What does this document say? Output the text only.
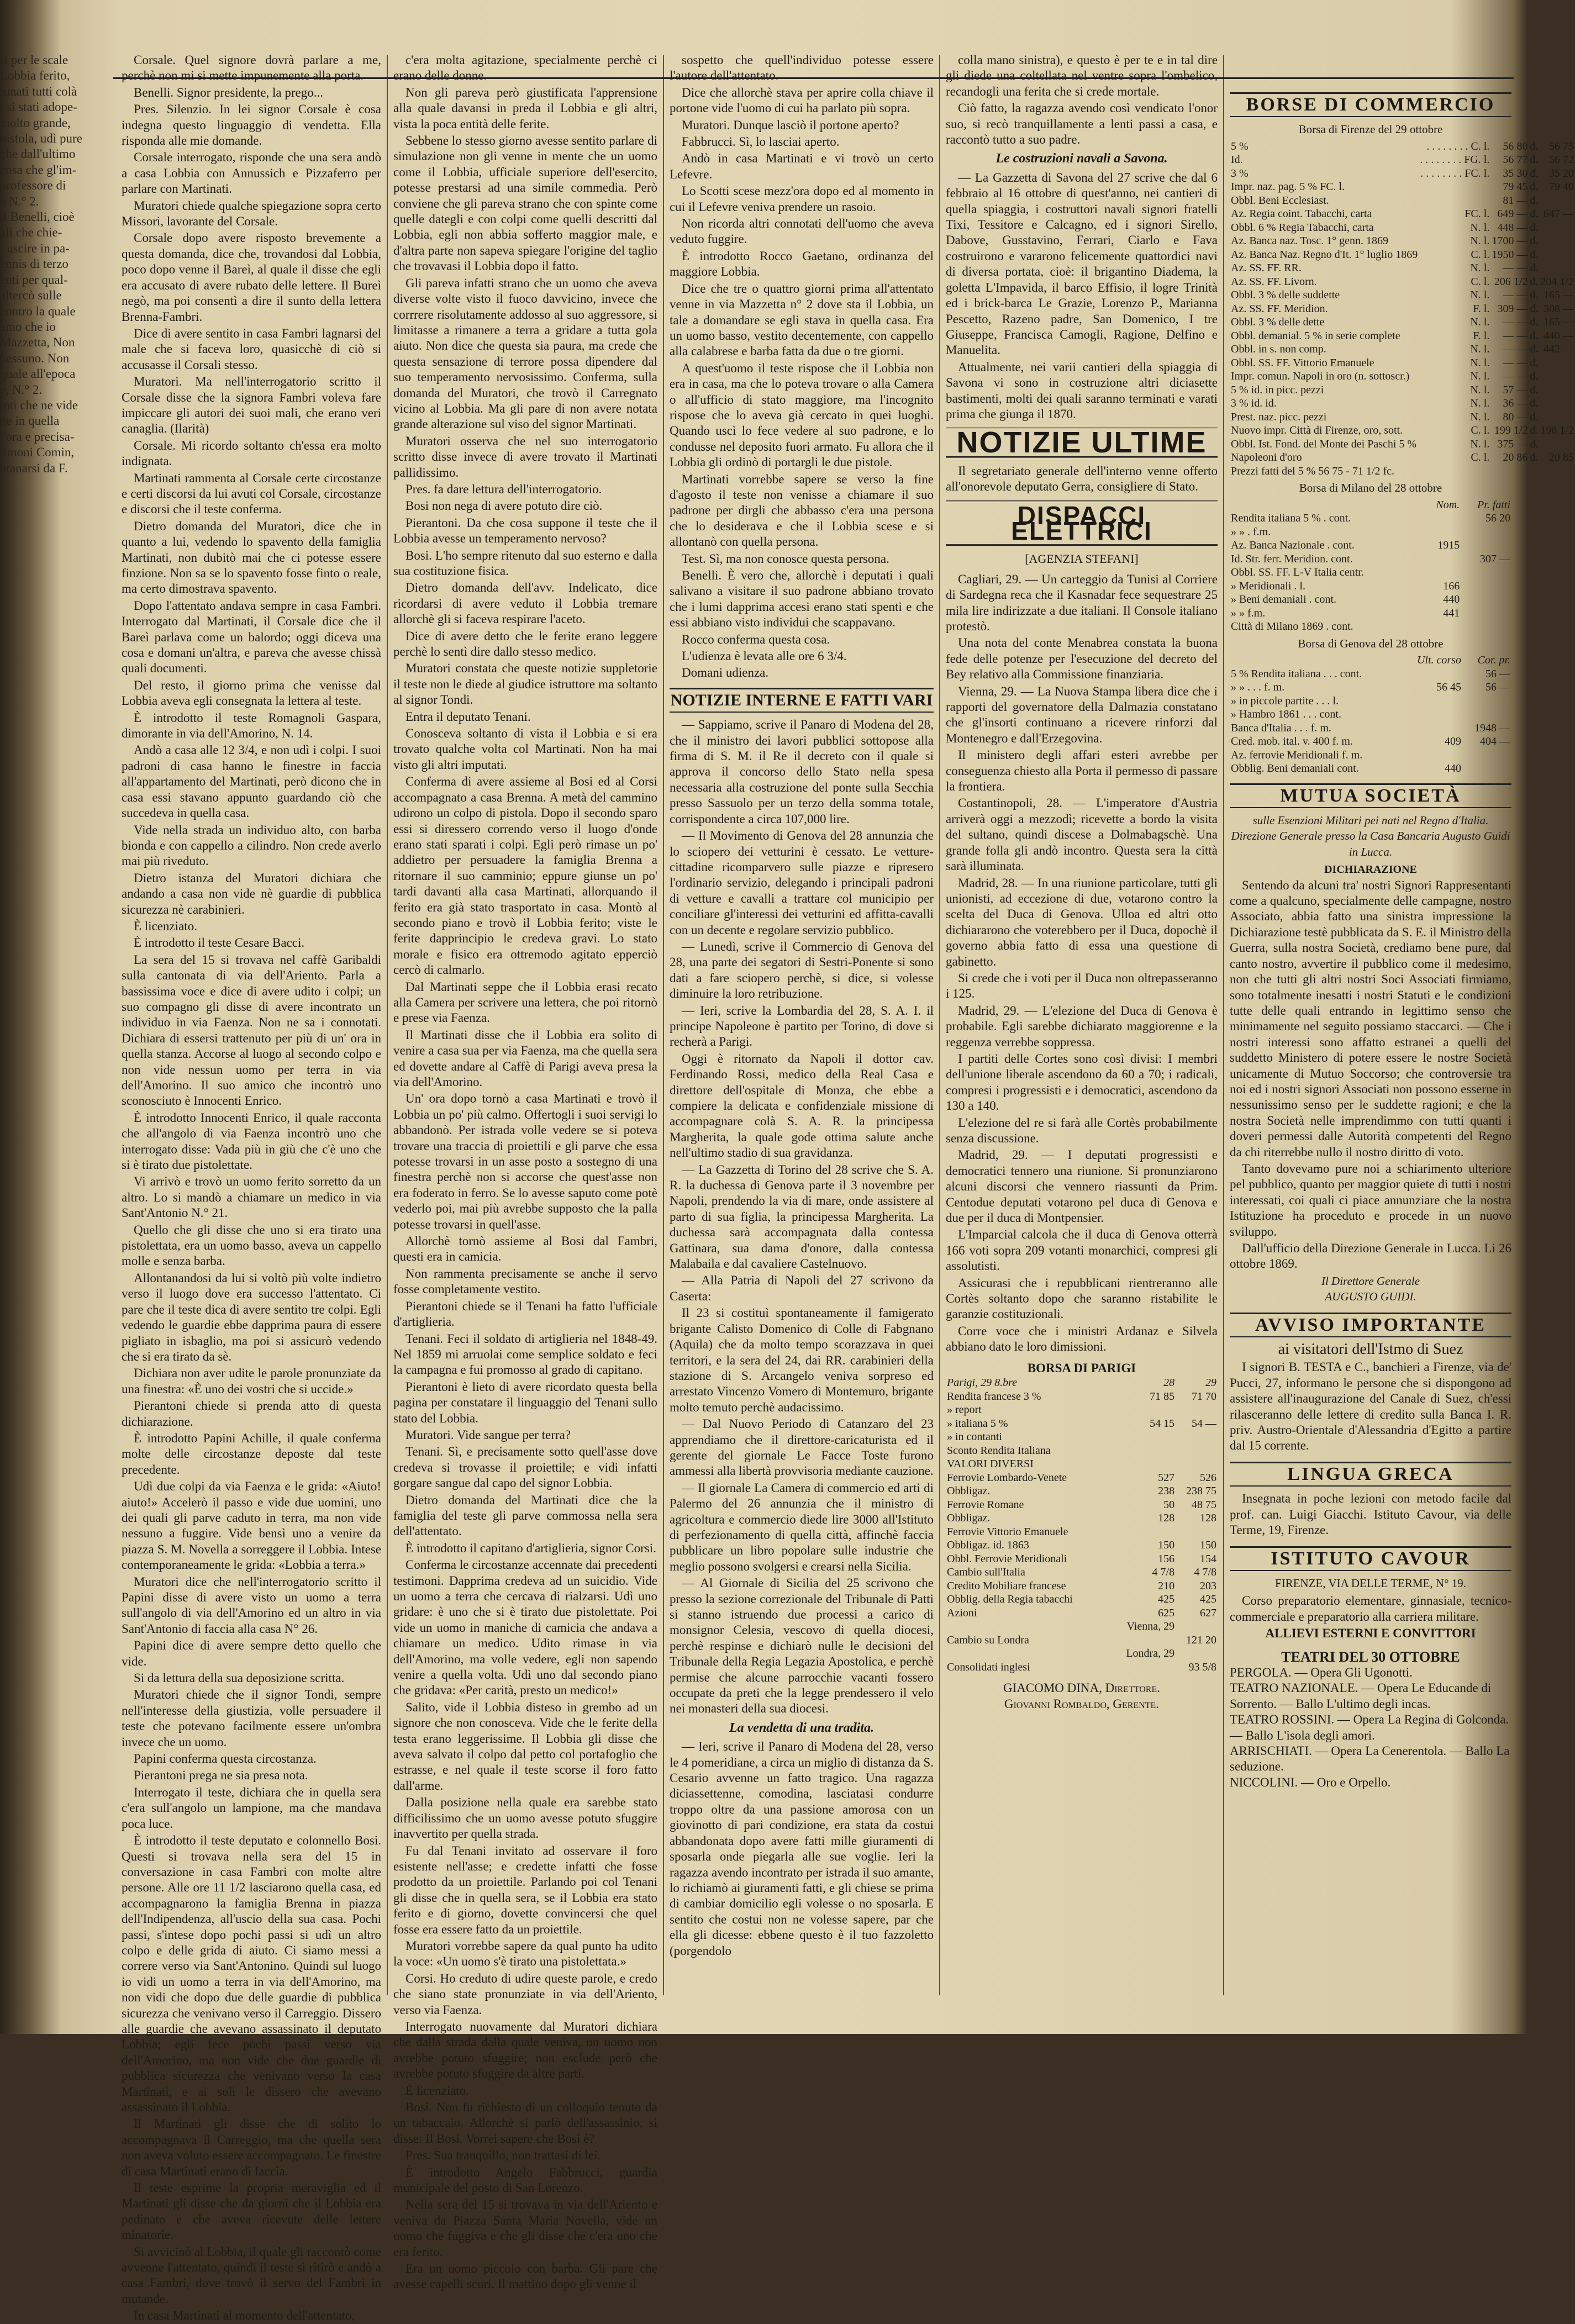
ri per le scale
Lobbia ferito,
tunati tutti colà
i si stati adope-
molto grande,
pistola, udì pure
che dall'ultimo
cosa che gl'im-
professore di
e N.° 2.
il Benelli, cioè
ali che chie-
i uscire in pa-
ennis di terzo
enti per qual-
altercò sulle
contro la quale
amo che io
Mazzetta, Non
nessuno. Non
quale all'epoca
e, N.° 2.
inti che ne vide
ne in quella
l'ora e precisa-
timoni Comin,
ntanarsi da F.

Corsale. Quel signore dovrà parlare a me, perchè non mi si mette impunemente alla porta.

Benelli. Signor presidente, la prego...

Pres. Silenzio. In lei signor Corsale è cosa indegna questo linguaggio di vendetta. Ella risponda alle mie domande.

Corsale interrogato, risponde che una sera andò a casa Lobbia con Annussich e Pizzaferro per parlare con Martinati.

Muratori chiede qualche spiegazione sopra certo Missori, lavorante del Corsale.

Corsale dopo avere risposto brevemente a questa domanda, dice che, trovandosi dal Lobbia, poco dopo venne il Bareì, al quale il disse che egli era accusato di avere rubato delle lettere. Il Bureì negò, ma poi consentì a dire il sunto della lettera Brenna-Fambri.

Dice di avere sentito in casa Fambri lagnarsi del male che si faceva loro, quasicchè di ciò si accusasse il Corsali stesso.

Muratori. Ma nell'interrogatorio scritto il Corsale disse che la signora Fambri voleva fare impiccare gli autori dei suoi mali, che erano veri canaglia. (Ilarità)

Corsale. Mi ricordo soltanto ch'essa era molto indignata.

Martinati rammenta al Corsale certe circostanze e certi discorsi da lui avuti col Corsale, circostanze e discorsi che il teste conferma.

Dietro domanda del Muratori, dice che in quanto a lui, vedendo lo spavento della famiglia Martinati, non dubitò mai che ci potesse essere finzione. Non sa se lo spavento fosse finto o reale, ma certo dimostrava spavento.

Dopo l'attentato andava sempre in casa Fambri. Interrogato dal Martinati, il Corsale dice che il Bareì parlava come un balordo; oggi diceva una cosa e domani un'altra, e pareva che avesse chissà quali documenti.

Del resto, il giorno prima che venisse dal Lobbia aveva egli consegnata la lettera al teste.

È introdotto il teste Romagnoli Gaspara, dimorante in via dell'Amorino, N. 14.

Andò a casa alle 12 3/4, e non udì i colpi. I suoi padroni di casa hanno le finestre in faccia all'appartamento del Martinati, però dicono che in casa essi stavano appunto guardando ciò che succedeva in quella casa.

Vide nella strada un individuo alto, con barba bionda e con cappello a cilindro. Non crede averlo mai più riveduto.

Dietro istanza del Muratori dichiara che andando a casa non vide nè guardie di pubblica sicurezza nè carabinieri.

È licenziato.

È introdotto il teste Cesare Bacci.

La sera del 15 si trovava nel caffè Garibaldi sulla cantonata di via dell'Ariento. Parla a bassissima voce e dice di avere udito i colpi; un suo compagno gli disse di avere incontrato un individuo in via Faenza. Non ne sa i connotati. Dichiara di essersi trattenuto per più di un' ora in quella stanza. Accorse al luogo al secondo colpo e non vide nessun uomo per terra in via dell'Amorino. Il suo amico che incontrò uno sconosciuto è Innocenti Enrico.

È introdotto Innocenti Enrico, il quale racconta che all'angolo di via Faenza incontrò uno che interrogato disse: Vada più in giù che c'è uno che si è tirato due pistolettate.

Vi arrivò e trovò un uomo ferito sorretto da un altro. Lo si mandò a chiamare un medico in via Sant'Antonio N.° 21.

Quello che gli disse che uno si era tirato una pistolettata, era un uomo basso, aveva un cappello molle e senza barba.

Allontanandosi da lui si voltò più volte indietro verso il luogo dove era successo l'attentato. Ci pare che il teste dica di avere sentito tre colpi. Egli vedendo le guardie ebbe dapprima paura di essere pigliato in isbaglio, ma poi si assicurò vedendo che si era tirato da sè.

Dichiara non aver udite le parole pronunziate da una finestra: «È uno dei vostri che si uccide.»

Pierantoni chiede si prenda atto di questa dichiarazione.

È introdotto Papini Achille, il quale conferma molte delle circostanze deposte dal teste precedente.

Udì due colpi da via Faenza e le grida: «Aiuto! aiuto!» Accelerò il passo e vide due uomini, uno dei quali gli parve caduto in terra, ma non vide nessuno a fuggire. Vide bensì uno a venire da piazza S. M. Novella a sorreggere il Lobbia. Intese contemporaneamente le grida: «Lobbia a terra.»

Muratori dice che nell'interrogatorio scritto il Papini disse di avere visto un uomo a terra sull'angolo di via dell'Amorino ed un altro in via Sant'Antonio di faccia alla casa N° 26.

Papini dice di avere sempre detto quello che vide.

Si da lettura della sua deposizione scritta.

Muratori chiede che il signor Tondi, sempre nell'interesse della giustizia, volle persuadere il teste che potevano facilmente essere un'ombra invece che un uomo.

Papini conferma questa circostanza.

Pierantoni prega ne sia presa nota.

Interrogato il teste, dichiara che in quella sera c'era sull'angolo un lampione, ma che mandava poca luce.

È introdotto il teste deputato e colonnello Bosi. Questi si trovava nella sera del 15 in conversazione in casa Fambri con molte altre persone. Alle ore 11 1/2 lasciarono quella casa, ed accompagnarono la famiglia Brenna in piazza dell'Indipendenza, all'uscio della sua casa. Pochi passi, s'intese dopo pochi passi si udì un altro colpo e delle grida di aiuto. Ci siamo messi a correre verso via Sant'Antonino. Quindi sul luogo io vidi un uomo a terra in via dell'Amorino, ma non vidi che dopo due delle guardie di pubblica sicurezza che venivano verso il Carreggio. Dissero alle guardie che avevano assassinato il deputato Lobbia; egli fece pochi passi verso via dell'Amorino, ma non vide che due guardie di pubblica sicurezza che venivano verso la casa Martinati, e ai soli le dissero che avevano assassinato il Lobbia.

Il Martinati gli disse che di solito lo accompagnava il Carreggio, ma che quella sera non aveva voluto essere accompagnato. Le finestre di casa Martinati erano di faccia.

Il teste esprime la propria meraviglia ed il Martinati gli disse che da giorni che il Lobbia era pedinato e che aveva ricevute delle lettere minatorie.

Si avvicinò al Lobbia, il quale gli raccontò come avvenne l'attentato, quindi il teste si ritirò e andò a casa Fambri, dove trovò il servo del Fambri in mutande.

In casa Martinati al momento dell'attentato,

c'era molta agitazione, specialmente perchè ci erano delle donne.

Non gli pareva però giustificata l'apprensione alla quale davansi in preda il Lobbia e gli altri, vista la poca entità delle ferite.

Sebbene lo stesso giorno avesse sentito parlare di simulazione non gli venne in mente che un uomo come il Lobbia, ufficiale superiore dell'esercito, potesse prestarsi ad una simile commedia. Però conviene che gli pareva strano che con spinte come quelle dategli e con colpi come quelli descritti dal Lobbia, egli non abbia sofferto maggior male, e d'altra parte non sapeva spiegare l'origine del taglio che trovavasi il Lobbia dopo il fatto.

Gli pareva infatti strano che un uomo che aveva diverse volte visto il fuoco davvicino, invece che corrrere risolutamente addosso al suo aggressore, si limitasse a rimanere a terra a gridare a tutta gola aiuto. Non dice che questa sia paura, ma crede che questa sensazione di terrore possa dipendere dal suo temperamento nervosissimo. Conferma, sulla domanda del Muratori, che trovò il Carregnato vicino al Lobbia. Ma gli pare di non avere notata grande alterazione sul viso del signor Martinati.

Muratori osserva che nel suo interrogatorio scritto disse invece di avere trovato il Martinati pallidissimo.

Pres. fa dare lettura dell'interrogatorio.

Bosi non nega di avere potuto dire ciò.

Pierantoni. Da che cosa suppone il teste che il Lobbia avesse un temperamento nervoso?

Bosi. L'ho sempre ritenuto dal suo esterno e dalla sua costituzione fisica.

Dietro domanda dell'avv. Indelicato, dice ricordarsi di avere veduto il Lobbia tremare allorchè gli si faceva respirare l'aceto.

Dice di avere detto che le ferite erano leggere perchè lo sentì dire dallo stesso medico.

Muratori constata che queste notizie suppletorie il teste non le diede al giudice istruttore ma soltanto al signor Tondi.

Entra il deputato Tenani.

Conosceva soltanto di vista il Lobbia e si era trovato qualche volta col Martinati. Non ha mai visto gli altri imputati.

Conferma di avere assieme al Bosi ed al Corsi accompagnato a casa Brenna. A metà del cammino udirono un colpo di pistola. Dopo il secondo sparo essi si diressero correndo verso il luogo d'onde erano stati sparati i colpi. Egli però rimase un po' addietro per persuadere la famiglia Brenna a ritornare il suo camminio; eppure giunse un po' tardi davanti alla casa Martinati, allorquando il ferito era già stato trasportato in casa. Montò al secondo piano e trovò il Lobbia ferito; viste le ferite dapprincipio le credeva gravi. Lo stato morale e fisico era ottremodo agitato epperciò cercò di calmarlo.

Dal Martinati seppe che il Lobbia erasi recato alla Camera per scrivere una lettera, che poi ritornò e prese via Faenza.

Il Martinati disse che il Lobbia era solito di venire a casa sua per via Faenza, ma che quella sera ed dovette andare al Caffè di Parigi aveva presa la via dell'Amorino.

Un' ora dopo tornò a casa Martinati e trovò il Lobbia un po' più calmo. Offertogli i suoi servigi lo abbandonò. Per istrada volle vedere se si poteva trovare una traccia di proiettili e gli parve che essa potesse trovarsi in un asse posto a sostegno di una finestra perchè non si accorse che quest'asse non era foderato in ferro. Se lo avesse saputo come potè vederlo poi, mai più avrebbe supposto che la palla potesse trovarsi in quell'asse.

Allorchè tornò assieme al Bosi dal Fambri, questi era in camicia.

Non rammenta precisamente se anche il servo fosse completamente vestito.

Pierantoni chiede se il Tenani ha fatto l'ufficiale d'artiglieria.

Tenani. Feci il soldato di artiglieria nel 1848-49. Nel 1859 mi arruolai come semplice soldato e feci la campagna e fui promosso al grado di capitano.

Pierantoni è lieto di avere ricordato questa bella pagina per constatare il linguaggio del Tenani sullo stato del Lobbia.

Muratori. Vide sangue per terra?

Tenani. Sì, e precisamente sotto quell'asse dove credeva si trovasse il proiettile; e vidi infatti gorgare sangue dal capo del signor Lobbia.

Dietro domanda del Martinati dice che la famiglia del teste gli parve commossa nella sera dell'attentato.

È introdotto il capitano d'artiglieria, signor Corsi.

Conferma le circostanze accennate dai precedenti testimoni. Dapprima credeva ad un suicidio. Vide un uomo a terra che cercava di rialzarsi. Udì uno gridare: è uno che si è tirato due pistolettate. Poi vide un uomo in maniche di camicia che andava a chiamare un medico. Udito rimase in via dell'Amorino, ma volle vedere, egli non sapendo venire a quella volta. Udì uno dal secondo piano che gridava: «Per carità, presto un medico!»

Salito, vide il Lobbia disteso in grembo ad un signore che non conosceva. Vide che le ferite della testa erano leggerissime. Il Lobbia gli disse che aveva salvato il colpo dal petto col portafoglio che estrasse, e nel quale il teste scorse il foro fatto dall'arme.

Dalla posizione nella quale era sarebbe stato difficilissimo che un uomo avesse potuto sfuggire inavvertito per quella strada.

Fu dal Tenani invitato ad osservare il foro esistente nell'asse; e credette infatti che fosse prodotto da un proiettile. Parlando poi col Tenani gli disse che in quella sera, se il Lobbia era stato ferito e di giorno, dovette convincersi che quel fosse era essere fatto da un proiettile.

Muratori vorrebbe sapere da qual punto ha udito la voce: «Un uomo s'è tirato una pistolettata.»

Corsi. Ho creduto di udire queste parole, e credo che siano state pronunziate in via dell'Ariento, verso via Faenza.

Interrogato nuovamente dal Muratori dichiara che dalla strada dalla quale veniva, un uomo non avrebbe potuto sfuggire; non esclude però che avrebbe potuto sfuggire da altre parti.

È licenziato.

Bosi. Non fu richiesto di un colloquio tenuto da un tabaccaio. Allorchè si parlò dell'assassinio, si disse: Il Bosi. Vorrei sapere che Bosi è?

Pres. Sua tranquillo, non trattasi di lei.

È introdotto Angelo Fabbrucci, guardia municipale del posto di San Lorenzo.

Nella sera del 15 si trovava in via dell'Ariento e veniva da Piazza Santa Maria Novella, vide un uomo che fuggiva e che gli disse che c'era uno che era ferito.

Era un uomo piccolo con barba. Gli pare che avesse capelli scuri. Il mattino dopo gli venne il

sospetto che quell'individuo potesse essere l'autore dell'attentato.

Dice che allorchè stava per aprire colla chiave il portone vide l'uomo di cui ha parlato più sopra.

Muratori. Dunque lasciò il portone aperto?

Fabbrucci. Sì, lo lasciai aperto.

Andò in casa Martinati e vi trovò un certo Lefevre.

Lo Scotti scese mezz'ora dopo ed al momento in cui il Lefevre veniva prendere un rasoio.

Non ricorda altri connotati dell'uomo che aveva veduto fuggire.

È introdotto Rocco Gaetano, ordinanza del maggiore Lobbia.

Dice che tre o quattro giorni prima all'attentato venne in via Mazzetta n° 2 dove sta il Lobbia, un tale a domandare se egli stava in quella casa. Era un uomo basso, vestito decentemente, con cappello alla calabrese e barba fatta da due o tre giorni.

A quest'uomo il teste rispose che il Lobbia non era in casa, ma che lo poteva trovare o alla Camera o all'ufficio di stato maggiore, ma l'incognito rispose che lo aveva già cercato in quei luoghi. Quando uscì lo fece vedere al suo padrone, e lo condusse nel deposito fuori armato. Fu allora che il Lobbia gli ordinò di portargli le due pistole.

Martinati vorrebbe sapere se verso la fine d'agosto il teste non venisse a chiamare il suo padrone per dirgli che abbasso c'era una persona che lo desiderava e che il Lobbia scese e si allontanò con quella persona.

Test. Sì, ma non conosce questa persona.

Benelli. È vero che, allorchè i deputati i quali salivano a visitare il suo padrone abbiano trovato che i lumi dapprima accesi erano stati spenti e che essi abbiano visto individui che scappavano.

Rocco conferma questa cosa.

L'udienza è levata alle ore 6 3/4.

Domani udienza.

NOTIZIE INTERNE E FATTI VARI

— Sappiamo, scrive il Panaro di Modena del 28, che il ministro dei lavori pubblici sottopose alla firma di S. M. il Re il decreto con il quale si approva il concorso dello Stato nella spesa necessaria alla costruzione del ponte sulla Secchia presso Sassuolo per un terzo della somma totale, corrispondente a circa 107,000 lire.

— Il Movimento di Genova del 28 annunzia che lo sciopero dei vetturini è cessato. Le vetture-cittadine ricomparvero sulle piazze e ripresero l'ordinario servizio, delegando i principali padroni di vetture e cavalli a trattare col municipio per conciliare gl'interessi dei vetturini ed affitta-cavalli con un decente e regolare servizio pubblico.

— Lunedì, scrive il Commercio di Genova del 28, una parte dei segatori di Sestri-Ponente si sono dati a fare sciopero perchè, si dice, si volesse diminuire la loro retribuzione.

— Ieri, scrive la Lombardia del 28, S. A. I. il principe Napoleone è partito per Torino, di dove si recherà a Parigi.

Oggi è ritornato da Napoli il dottor cav. Ferdinando Rossi, medico della Real Casa e direttore dell'ospitale di Monza, che ebbe a compiere la delicata e confidenziale missione di accompagnare colà S. A. R. la principessa Margherita, la quale gode ottima salute anche nell'ultimo stadio di sua gravidanza.

— La Gazzetta di Torino del 28 scrive che S. A. R. la duchessa di Genova parte il 3 novembre per Napoli, prendendo la via di mare, onde assistere al parto di sua figlia, la principessa Margherita. La duchessa sarà accompagnata dalla contessa Gattinara, sua dama d'onore, dalla contessa Malabaila e dal cavaliere Castelnuovo.

— Alla Patria di Napoli del 27 scrivono da Caserta:

Il 23 si costituì spontaneamente il famigerato brigante Calisto Domenico di Colle di Fabgnano (Aquila) che da molto tempo scorazzava in quei territori, e la sera del 24, dai RR. carabinieri della stazione di S. Arcangelo veniva sorpreso ed arrestato Vincenzo Vomero di Montemuro, brigante molto temuto perchè audacissimo.

— Dal Nuovo Periodo di Catanzaro del 23 apprendiamo che il direttore-caricaturista ed il gerente del giornale Le Facce Toste furono ammessi alla libertà provvisoria mediante cauzione.

— Il giornale La Camera di commercio ed arti di Palermo del 26 annunzia che il ministro di agricoltura e commercio diede lire 3000 all'Istituto di perfezionamento di quella città, affinchè faccia pubblicare un libro popolare sulle industrie che meglio possono svolgersi e crearsi nella Sicilia.

— Al Giornale di Sicilia del 25 scrivono che presso la sezione correzionale del Tribunale di Patti si stanno istruendo due processi a carico di monsignor Celesia, vescovo di quella diocesi, perchè respinse e dichiarò nulle le decisioni del Tribunale della Regia Legazia Apostolica, e perchè permise che alcune parrocchie vacanti fossero occupate da preti che la legge prendessero il velo nei monasteri della sua diocesi.

La vendetta di una tradita.

— Ieri, scrive il Panaro di Modena del 28, verso le 4 pomeridiane, a circa un miglio di distanza da S. Cesario avvenne un fatto tragico. Una ragazza diciassettenne, comodina, lasciatasi condurre troppo oltre da una passione amorosa con un giovinotto di pari condizione, era stata da costui abbandonata dopo avere fatti mille giuramenti di sposarla onde piegarla alle sue voglie. Ieri la ragazza avendo incontrato per istrada il suo amante, lo richiamò ai giuramenti fatti, e gli chiese se prima di cambiar domicilio egli volesse o no sposarla. E sentito che costui non ne volesse sapere, par che ella gli dicesse: ebbene questo è il tuo fazzoletto (porgendolo

colla mano sinistra), e questo è per te e in tal dire gli diede una coltellata nel ventre sopra l'ombelico, recandogli una ferita che si crede mortale.

Ciò fatto, la ragazza avendo così vendicato l'onor suo, si recò tranquillamente a lenti passi a casa, e raccontò tutto a suo padre.

Le costruzioni navali a Savona.

— La Gazzetta di Savona del 27 scrive che dal 6 febbraio al 16 ottobre di quest'anno, nei cantieri di quella spiaggia, i costruttori navali signori fratelli Tixi, Tessitore e Calcagno, ed i signori Sirello, Dabove, Gusstavino, Ferrari, Ciarlo e Fava costruirono e vararono felicemente quattordici navi di diversa portata, cioè: il brigantino Diadema, la goletta L'Impavida, il barco Effisio, il logre Trinità ed i brick-barca Le Grazie, Lorenzo P., Marianna Pescetto, Razeno padre, San Domenico, I tre Giuseppe, Francisca Camogli, Ragione, Delfino e Manuelita.

Attualmente, nei varii cantieri della spiaggia di Savona vi sono in costruzione altri diciasette bastimenti, molti dei quali saranno terminati e varati prima che giunga il 1870.

NOTIZIE ULTIME

Il segretariato generale dell'interno venne offerto all'onorevole deputato Gerra, consigliere di Stato.

DISPACCI ELETTRICI
[AGENZIA STEFANI]

Cagliari, 29. — Un carteggio da Tunisi al Corriere di Sardegna reca che il Kasnadar fece sequestrare 25 mila lire indirizzate a due italiani. Il Console italiano protestò.

Una nota del conte Menabrea constata la buona fede delle potenze per l'esecuzione del decreto del Bey relativo alla Commissione finanziaria.

Vienna, 29. — La Nuova Stampa libera dice che i rapporti del governatore della Dalmazia constatano che gl'insorti continuano a ricevere rinforzi dal Montenegro e dall'Erzegovina.

Il ministero degli affari esteri avrebbe per conseguenza chiesto alla Porta il permesso di passare la frontiera.

Costantinopoli, 28. — L'imperatore d'Austria arriverà oggi a mezzodì; ricevette a bordo la visita del sultano, quindi discese a Dolmabagschè. Una grande folla gli andò incontro. Questa sera la città sarà illuminata.

Madrid, 28. — In una riunione particolare, tutti gli unionisti, ad eccezione di due, votarono contro la scelta del Duca di Genova. Ulloa ed altri otto dichiararono che voterebbero per il Duca, dopochè il governo abbia fatto di essa una questione di gabinetto.

Si crede che i voti per il Duca non oltrepasseranno i 125.

Madrid, 29. — L'elezione del Duca di Genova è probabile. Egli sarebbe dichiarato maggiorenne e la reggenza verrebbe soppressa.

I partiti delle Cortes sono così divisi: I membri dell'unione liberale ascendono da 60 a 70; i radicali, compresi i progressisti e i democratici, ascendono da 130 a 140.

L'elezione del re si farà alle Cortès probabilmente senza discussione.

Madrid, 29. — I deputati progressisti e democratici tennero una riunione. Si pronunziarono alcuni discorsi che vennero riassunti da Prim. Centodue deputati votarono pel duca di Genova e due per il duca di Montpensier.

L'Imparcial calcola che il duca di Genova otterrà 166 voti sopra 209 votanti monarchici, compresi gli assolutisti.

Assicurasi che i repubblicani rientreranno alle Cortès soltanto dopo che saranno ristabilite le garanzie costituzionali.

Corre voce che i ministri Ardanaz e Silvela abbiano dato le loro dimissioni.

BORSA DI PARIGI
Parigi, 29 8.bre	28	29
Rendita francese 3 %	71 85	71 70
» report		
» italiana 5 %	54 15	54 —
» in contanti		
Sconto Rendita Italiana		
VALORI DIVERSI		
Ferrovie Lombardo-Venete	527	526
Obbligaz.	238	238 75
Ferrovie Romane	50	48 75
Obbligaz.	128	128
Ferrovie Vittorio Emanuele		
Obbligaz. id. 1863	150	150
Obbl. Ferrovie Meridionali	156	154
Cambio sull'Italia	4 7/8	4 7/8
Credito Mobiliare francese	210	203
Obblig. della Regia tabacchi	425	425
Azioni	625	627
	Vienna, 29	
Cambio su Londra		121 20
	Londra, 29	
Consolidati inglesi		93 5/8
GIACOMO DINA, Direttore.
Giovanni Rombaldo, Gerente.
BORSE DI COMMERCIO
Borsa di Firenze del 29 ottobre
5 %	. . . . . . . . C. l.	56 80	d.	56 75
Id.	. . . . . . . . FG. l.	56 77	d.	56 72
3 %	. . . . . . . . FC. l.	35 30	d.	35 20
Impr. naz. pag. 5 % FC. l.		79 45	d.	79 40
Obbl. Beni Ecclesiast.		81 —	d.	
Az. Regia coint. Tabacchi, carta	FC. l.	649 —	d.	647 —
Obbl. 6 % Regia Tabacchi, carta	N. l.	448 —	d.	
Az. Banca naz. Tosc. 1° genn. 1869	N. l.	1700 —	d.	
Az. Banca Naz. Regno d'It. 1° luglio 1869	C. l.	1950 —	d.	
Az. SS. FF. RR.	N. l.	— —	d.	
Az. SS. FF. Livorn.	C. l.	206 1/2	d.	204 1/2
Obbl. 3 % delle suddette	N. l.	— —	d.	165 —
Az. SS. FF. Meridion.	F. l.	309 —	d.	308 —
Obbl. 3 % delle dette	N. l.	— —	d.	165 —
Obbl. demanial. 5 % in serie complete	F. l.	— —	d.	440 —
Obbl. in s. non comp.	N. l.	— —	d.	442 —
Obbl. SS. FF. Vittorio Emanuele	N. l.	— —	d.	
Impr. comun. Napoli in oro (n. sottoscr.)	N. l.	— —	d.	
5 % id. in picc. pezzi	N. l.	57 —	d.	
3 % id. id.	N. l.	36 —	d.	
Prest. naz. picc. pezzi	N. l.	80 —	d.	
Nuovo impr. Città di Firenze, oro, sott.	C. l.	199 1/2	d.	198 1/2
Obbl. Ist. Fond. del Monte dei Paschi 5 %	N. l.	375 —	d.	
Napoleoni d'oro	C. l.	20 86	d.	20 85
Prezzi fatti del 5 % 56 75 - 71 1/2 fc.				
Borsa di Milano del 28 ottobre
	Nom.	Pr. fatti
Rendita italiana 5 % . cont.		56 20
» » . f.m.		
Az. Banca Nazionale . cont.	1915	
Id. Str. ferr. Meridion. cont.		307 —
Obbl. SS. FF. L-V Italia centr.		
» Meridionali . l.	166	
» Beni demaniali . cont.	440	
» » f.m.	441	
Città di Milano 1869 . cont.		
Borsa di Genova del 28 ottobre
	Ult. corso	Cor. pr.
5 % Rendita italiana . . . cont.		56 —
» » . . . f. m.	56 45	56 —
» in piccole partite . . . l.		
» Hambro 1861 . . . cont.		
Banca d'Italia . . . f. m.		1948 —
Cred. mob. ital. v. 400 f. m.	409	404 —
Az. ferrovie Meridionali f. m.		
Obblig. Beni demaniali cont.	440	
MUTUA SOCIETÀ
sulle Esenzioni Militari pei nati nel Regno d'Italia. Direzione Generale presso la Casa Bancaria Augusto Guidi in Lucca.
DICHIARAZIONE

Sentendo da alcuni tra' nostri Signori Rappresentanti come a qualcuno, specialmente delle campagne, nostro Associato, abbia fatto una sinistra impressione la Dichiarazione testè pubblicata da S. E. il Ministro della Guerra, sulla nostra Società, crediamo bene pure, dal canto nostro, avvertire il pubblico come il medesimo, non che tutti gli altri nostri Soci Associati firmiamo, sono totalmente inesatti i nostri Statuti e le condizioni tutte delle quali entrando in legittimo senso che minimamente nel seguito possiamo staccarci. — Che i nostri interessi sono affatto estranei a quelli del suddetto Ministero di potere essere le nostre Società unicamente di Mutuo Soccorso; che controversie tra noi ed i nostri signori Associati non possono esserne in nessunissimo senso per le suddette ragioni; e che la nostra Società nelle imprendimmo con tutti quanti i doveri permessi dalle Autorità competenti del Regno da chi riterrebbe nullo il nostro diritto di voto.

Tanto dovevamo pure noi a schiarimento ulteriore pel pubblico, quanto per maggior quiete di tutti i nostri interessati, coi quali ci piace annunziare che la nostra Istituzione ha proceduto e procede in un nuovo sviluppo.

Dall'ufficio della Direzione Generale in Lucca. Li 26 ottobre 1869.

Il Direttore Generale
AUGUSTO GUIDI.
AVVISO IMPORTANTE
ai visitatori dell'Istmo di Suez

I signori B. TESTA e C., banchieri a Firenze, via de' Pucci, 27, informano le persone che si dispongono ad assistere all'inaugurazione del Canale di Suez, ch'essi rilasceranno delle lettere di credito sulla Banca I. R. priv. Austro-Orientale d'Alessandria d'Egitto a partire dal 15 corrente.

LINGUA GRECA

Insegnata in poche lezioni con metodo facile dal prof. can. Luigi Giacchi. Istituto Cavour, via delle Terme, 19, Firenze.

ISTITUTO CAVOUR
FIRENZE, VIA DELLE TERME, N° 19.

Corso preparatorio elementare, ginnasiale, tecnico-commerciale e preparatorio alla carriera militare.

ALLIEVI ESTERNI E CONVITTORI
TEATRI DEL 30 OTTOBRE
PERGOLA. — Opera Gli Ugonotti.
TEATRO NAZIONALE. — Opera Le Educande di Sorrento. — Ballo L'ultimo degli incas.
TEATRO ROSSINI. — Opera La Regina di Golconda. — Ballo L'isola degli amori.
ARRISCHIATI. — Opera La Cenerentola. — Ballo La seduzione.
NICCOLINI. — Oro e Orpello.
